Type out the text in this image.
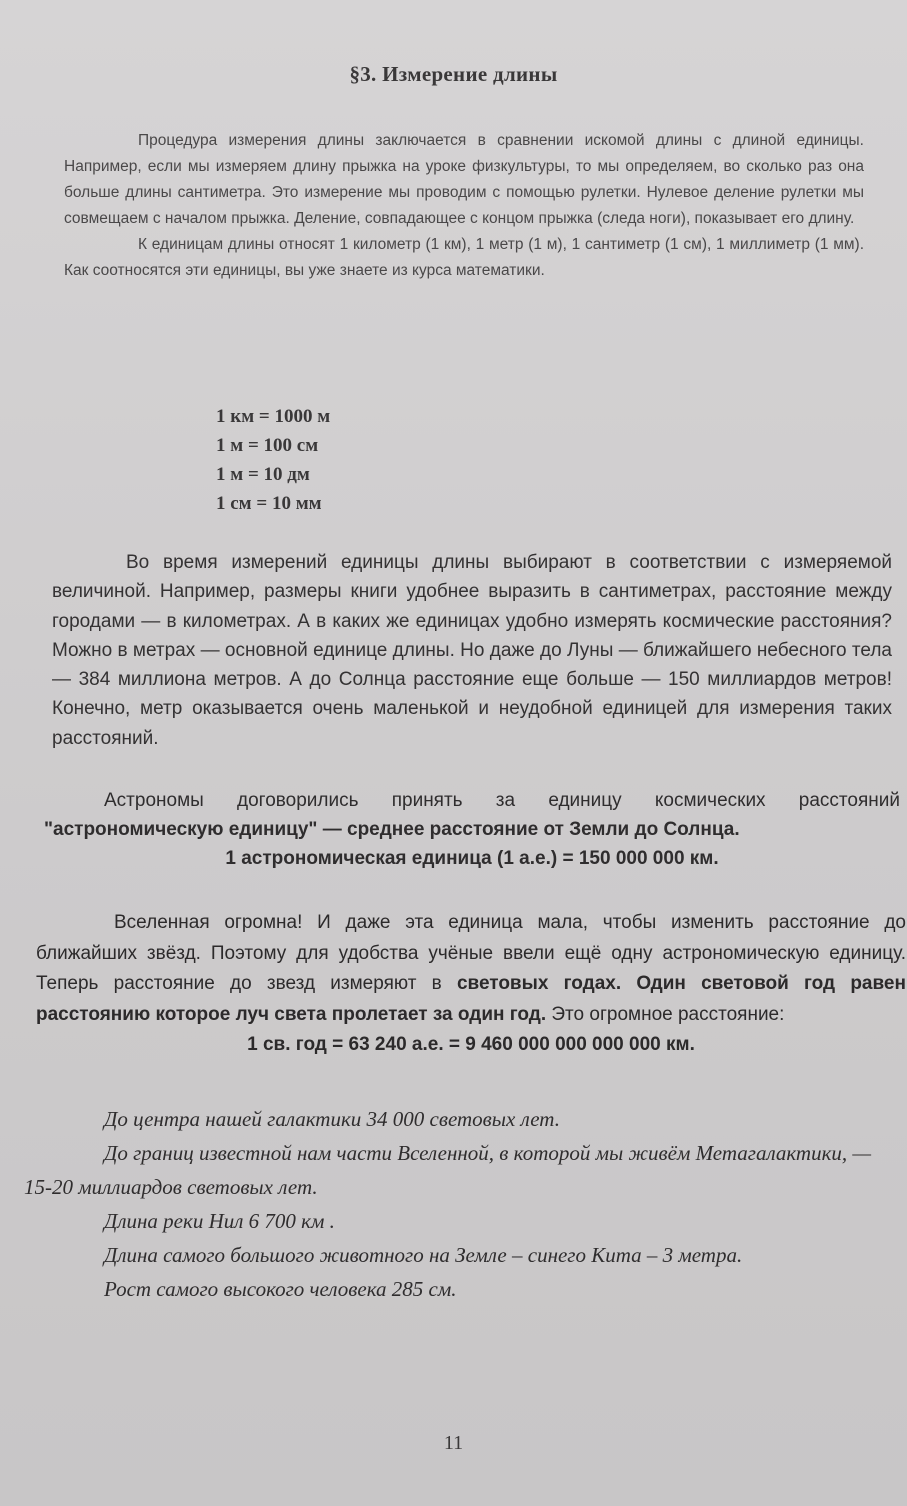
§3. Измерение длины
Процедура измерения длины заключается в сравнении искомой длины с длиной единицы. Например, если мы измеряем длину прыжка на уроке физкультуры, то мы определяем, во сколько раз она больше длины сантиметра. Это измерение мы проводим с помощью рулетки. Нулевое деление рулетки мы совмещаем с началом прыжка. Деление, совпадающее с концом прыжка (следа ноги), показывает его длину.
К единицам длины относят 1 километр (1 км), 1 метр (1 м), 1 сантиметр (1 см), 1 миллиметр (1 мм). Как соотносятся эти единицы, вы уже знаете из курса математики.
1 км = 1000 м
1 м = 100 см
1 м = 10 дм
1 см = 10 мм
Во время измерений единицы длины выбирают в соответствии с измеряемой величиной. Например, размеры книги удобнее выразить в сантиметрах, расстояние между городами — в километрах. А в каких же единицах удобно измерять космические расстояния? Можно в метрах — основной единице длины. Но даже до Луны — ближайшего небесного тела — 384 миллиона метров. А до Солнца расстояние еще больше — 150 миллиардов метров! Конечно, метр оказывается очень маленькой и неудобной единицей для измерения таких расстояний.
Астрономы договорились принять за единицу космических расстояний "астрономическую единицу" — среднее расстояние от Земли до Солнца.
1 астрономическая единица (1 а.е.) = 150 000 000 км.
Вселенная огромна! И даже эта единица мала, чтобы изменить расстояние до ближайших звёзд. Поэтому для удобства учёные ввели ещё одну астрономическую единицу. Теперь расстояние до звезд измеряют в световых годах. Один световой год равен расстоянию которое луч света пролетает за один год. Это огромное расстояние:
1 св. год = 63 240 а.е. = 9 460 000 000 000 000 км.
До центра нашей галактики 34 000 световых лет.
До границ известной нам части Вселенной, в которой мы живём Метагалактики, — 15-20 миллиардов световых лет.
Длина реки Нил 6 700 км .
Длина самого большого животного на Земле – синего Кита – 3 метра.
Рост самого высокого человека 285 см.
11
